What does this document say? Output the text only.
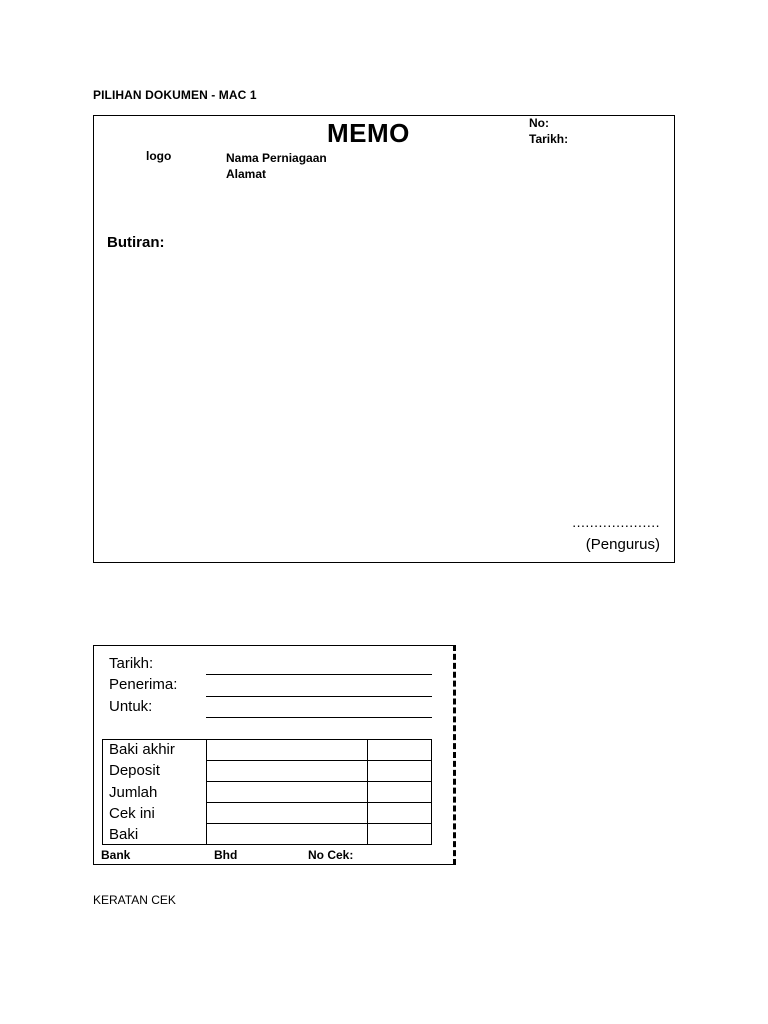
PILIHAN DOKUMEN - MAC 1
MEMO	No:
Tarikh:
logo	Nama Perniagaan
Alamat
Butiran:
....................
(Pengurus)
Tarikh:
Penerima:
Untuk:
Baki akhir
Deposit
Jumlah
Cek ini
Baki
Bank	Bhd	No Cek:
KERATAN CEK
